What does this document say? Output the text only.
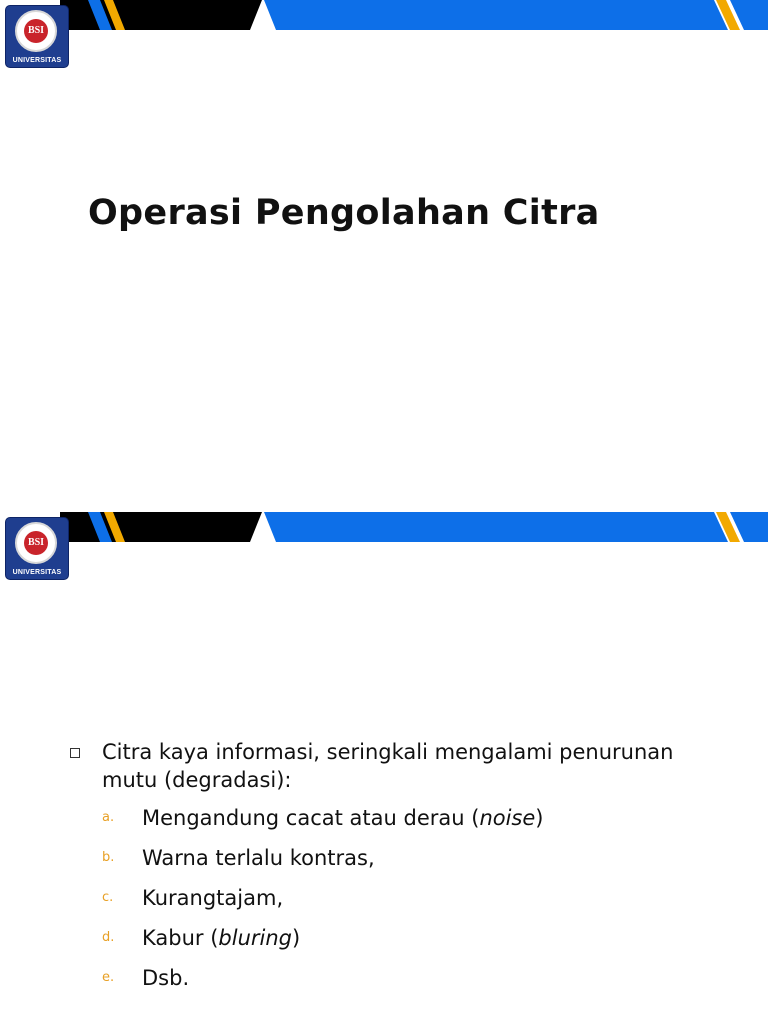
BSI
UNIVERSITAS
Operasi Pengolahan Citra
BSI
UNIVERSITAS
Citra kaya informasi, seringkali mengalami penurunan mutu (degradasi):
a. Mengandung cacat atau derau (noise)
b. Warna terlalu kontras,
c. Kurangtajam,
d. Kabur (bluring)
e. Dsb.
